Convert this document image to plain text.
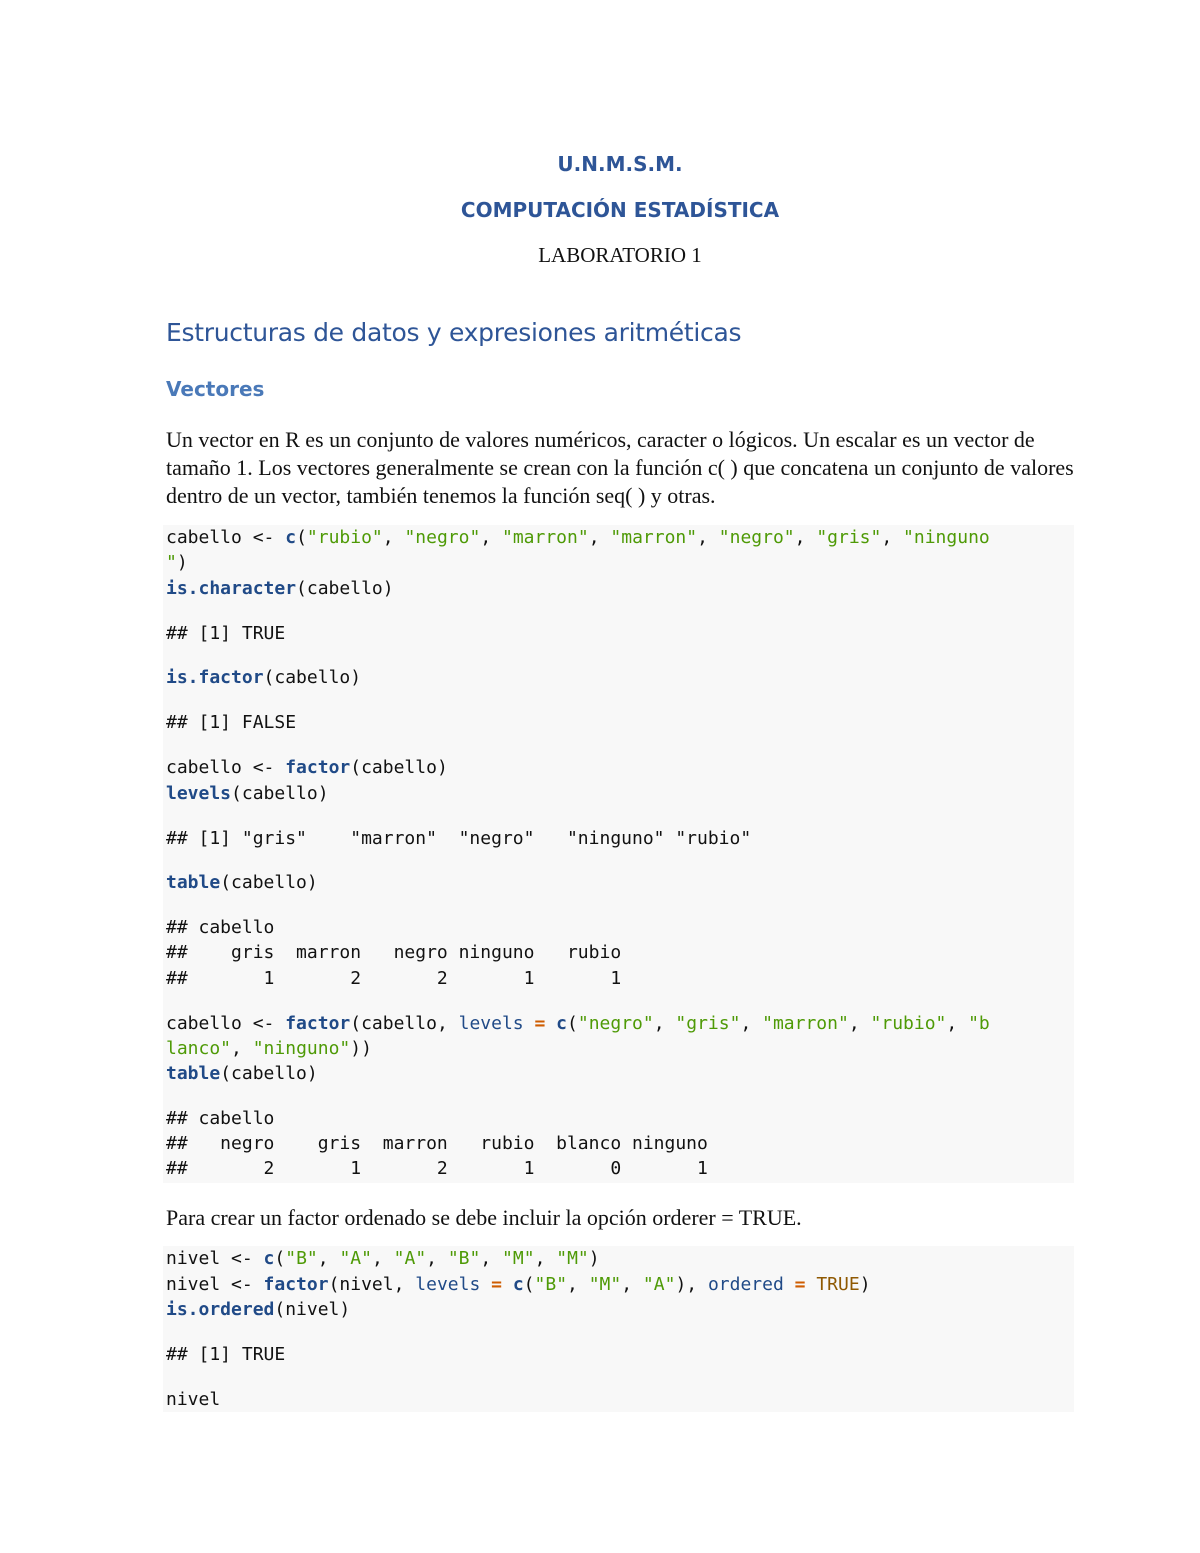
U.N.M.S.M.
COMPUTACIÓN ESTADÍSTICA
LABORATORIO 1
Estructuras de datos y expresiones aritméticas
Vectores
Un vector en R es un conjunto de valores numéricos, caracter o lógicos. Un escalar es un vector de tamaño 1. Los vectores generalmente se crean con la función c( ) que concatena un conjunto de valores dentro de un vector, también tenemos la función seq( ) y otras.
cabello <- c("rubio", "negro", "marron", "marron", "negro", "gris", "ninguno
")
is.character(cabello)
## [1] TRUE
is.factor(cabello)
## [1] FALSE
cabello <- factor(cabello)
levels(cabello)
## [1] "gris"    "marron"  "negro"   "ninguno" "rubio"
table(cabello)
## cabello
##    gris  marron   negro ninguno   rubio
##       1       2       2       1       1
cabello <- factor(cabello, levels = c("negro", "gris", "marron", "rubio", "b
lanco", "ninguno"))
table(cabello)
## cabello
##   negro    gris  marron   rubio  blanco ninguno
##       2       1       2       1       0       1
Para crear un factor ordenado se debe incluir la opción orderer = TRUE.
nivel <- c("B", "A", "A", "B", "M", "M")
nivel <- factor(nivel, levels = c("B", "M", "A"), ordered = TRUE)
is.ordered(nivel)
## [1] TRUE
nivel
